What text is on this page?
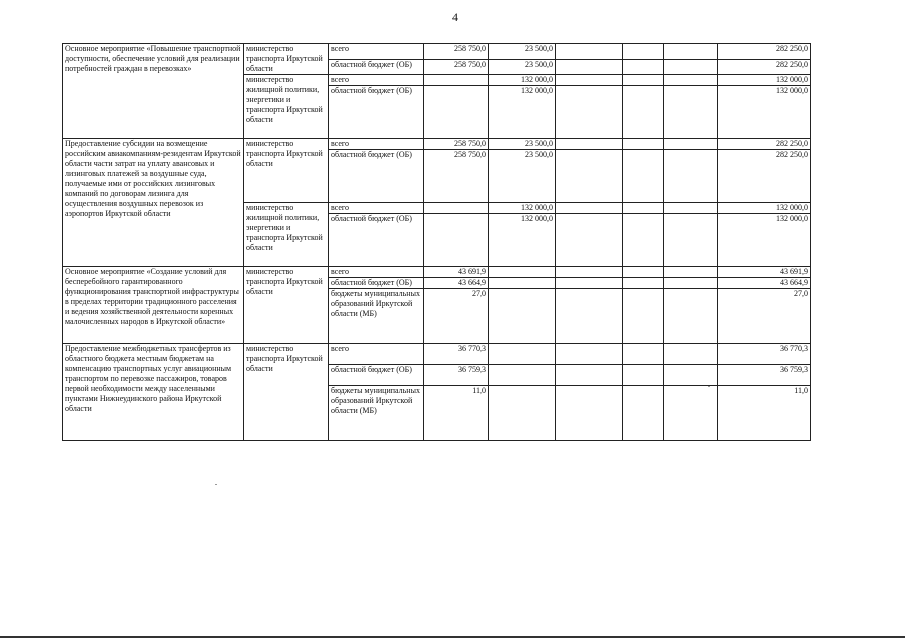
4
Основное мероприятие «Повышение транспортной доступности, обеспечение условий для реализации потребностей граждан в перевозках»	министерство транспорта Иркутской области	всего	258 750,0	23 500,0				282 250,0
		областной бюджет (ОБ)	258 750,0	23 500,0				282 250,0
	министерство жилищной политики, энергетики и транспорта Иркутской области	всего		132 000,0				132 000,0
		областной бюджет (ОБ)		132 000,0				132 000,0
Предоставление субсидии на возмещение российским авиакомпаниям-резидентам Иркутской области части затрат на уплату авансовых и лизинговых платежей за воздушные суда, получаемые ими от российских лизинговых компаний по договорам лизинга для осуществления воздушных перевозок из аэропортов Иркутской области	министерство транспорта Иркутской области	всего	258 750,0	23 500,0				282 250,0
		областной бюджет (ОБ)	258 750,0	23 500,0				282 250,0
	министерство жилищной политики, энергетики и транспорта Иркутской области	всего		132 000,0				132 000,0
		областной бюджет (ОБ)		132 000,0				132 000,0
Основное мероприятие «Создание условий для бесперебойного гарантированного функционирования транспортной инфраструктуры в пределах территории традиционного расселения и ведения хозяйственной деятельности коренных малочисленных народов в Иркутской области»	министерство транспорта Иркутской области	всего	43 691,9					43 691,9
		областной бюджет (ОБ)	43 664,9					43 664,9
		бюджеты муниципальных образований Иркутской области (МБ)	27,0					27,0
Предоставление межбюджетных трансфертов из областного бюджета местным бюджетам на компенсацию транспортных услуг авиационным транспортом по перевозке пассажиров, товаров первой необходимости между населенными пунктами Нижнеудинского района Иркутской области	министерство транспорта Иркутской области	всего	36 770,3					36 770,3
		областной бюджет (ОБ)	36 759,3					36 759,3
		бюджеты муниципальных образований Иркутской области (МБ)	11,0					11,0
